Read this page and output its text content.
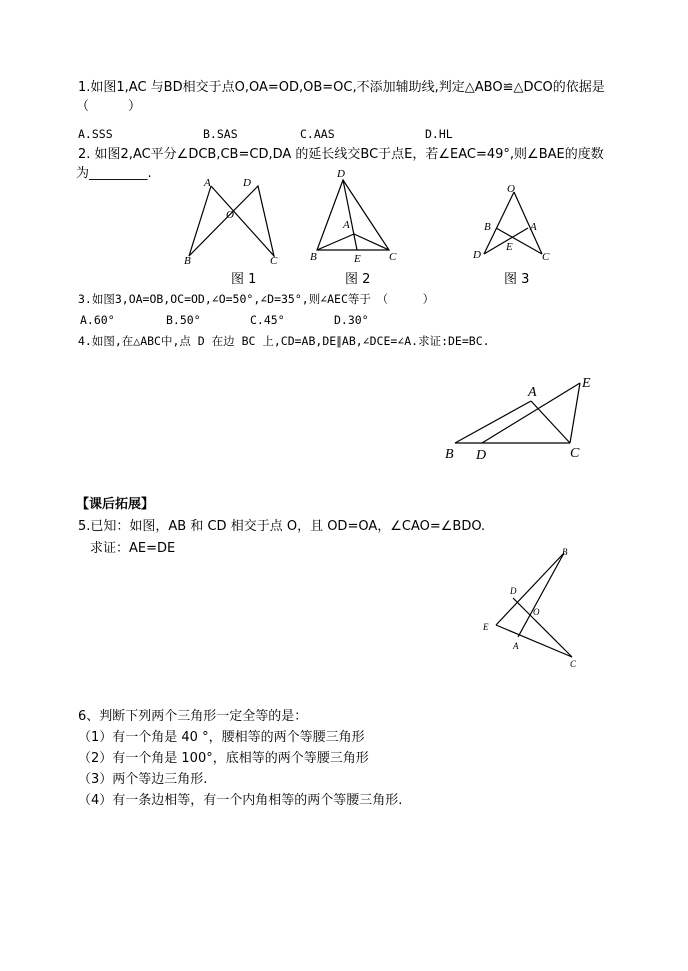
1.如图1,AC 与BD相交于点O,OA=OD,OB=OC,不添加辅助线,判定△ABO≌△DCO的依据是
（　　　）
A.SSS	B.SAS	C.AAS	D.HL
2. 如图2,AC平分∠DCB,CB=CD,DA 的延长线交BC于点E，若∠EAC=49°,则∠BAE的度数
为_________.
A	D
O
B	C
图 1
D
A
B	E	C
图 2
O
B	A
E
D	C
图 3
3.如图3,OA=OB,OC=OD,∠O=50°,∠D=35°,则∠AEC等于　（　　　）
A.60°	B.50°	C.45°	D.30°
4.如图,在△ABC中,点 D 在边 BC 上,CD=AB,DE∥AB,∠DCE=∠A.求证:DE=BC.
A
E
B D	C
【课后拓展】
5.已知：如图，AB 和 CD 相交于点 O，且 OD=OA，∠CAO=∠BDO.
求证：AE=DE	B
D
O
E
A
C
6、判断下列两个三角形一定全等的是：
（1）有一个角是 40 °，腰相等的两个等腰三角形
（2）有一个角是 100°，底相等的两个等腰三角形
（3）两个等边三角形.
（4）有一条边相等，有一个内角相等的两个等腰三角形.
